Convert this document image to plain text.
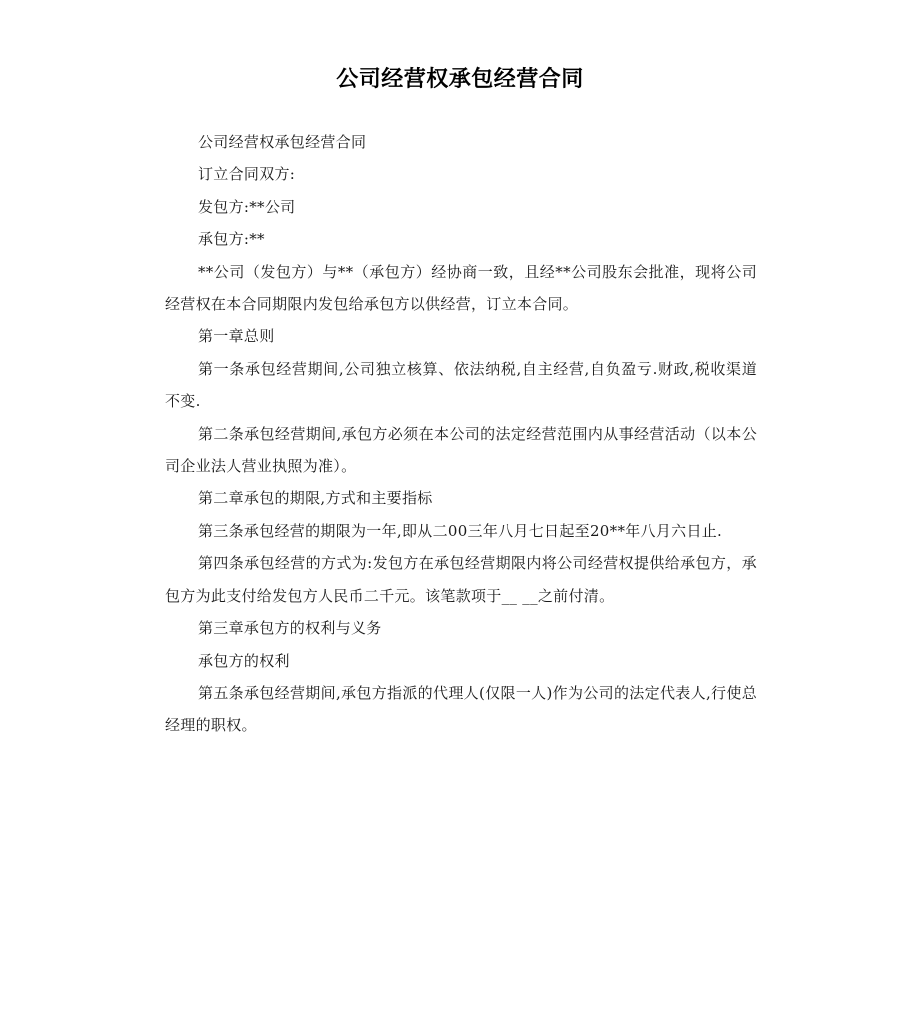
公司经营权承包经营合同

公司经营权承包经营合同

订立合同双方:

发包方:**公司

承包方:**

**公司（发包方）与**（承包方）经协商一致，且经**公司股东会批准，现将公司经营权在本合同期限内发包给承包方以供经营，订立本合同。

第一章总则

第一条承包经营期间,公司独立核算、依法纳税,自主经营,自负盈亏.财政,税收渠道不变.

第二条承包经营期间,承包方必须在本公司的法定经营范围内从事经营活动（以本公司企业法人营业执照为准）。

第二章承包的期限,方式和主要指标

第三条承包经营的期限为一年,即从二00三年八月七日起至20**年八月六日止.

第四条承包经营的方式为:发包方在承包经营期限内将公司经营权提供给承包方，承包方为此支付给发包方人民币二千元。该笔款项于__ __之前付清。

第三章承包方的权利与义务

承包方的权利

第五条承包经营期间,承包方指派的代理人(仅限一人)作为公司的法定代表人,行使总经理的职权。
